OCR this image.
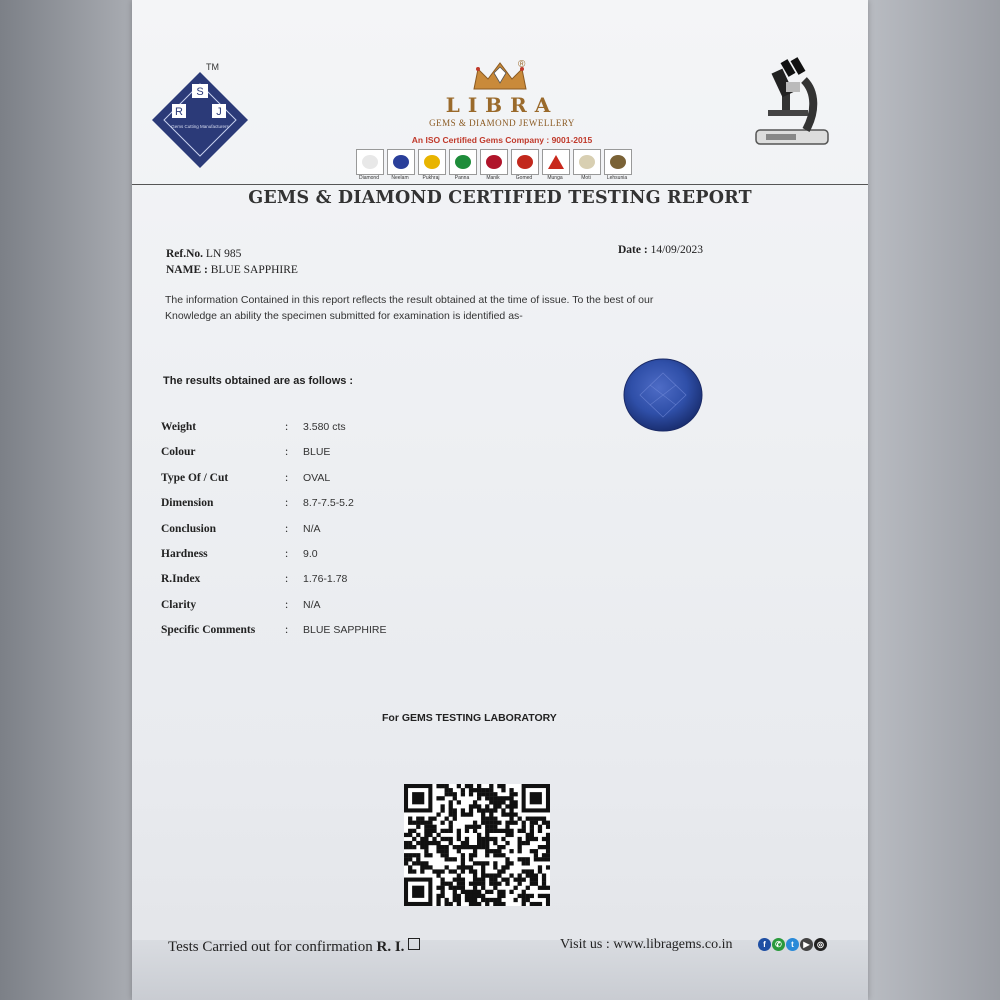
S
R	J
Gems Cutting Manufacturers
TM	®
LIBRA
GEMS & DIAMOND JEWELLERY
An ISO Certified Gems Company : 9001-2015
Diamond	Neelam	Pukhraj	Panna	Manik	Gomed	Munga	Moti	Lehsunia
GEMS & DIAMOND CERTIFIED TESTING REPORT
Ref.No. LN 985
NAME : BLUE SAPPHIRE
Date : 14/09/2023
The information Contained in this report reflects the result obtained at the time of issue. To the best of our
Knowledge an ability the specimen submitted for examination is identified as-
The results obtained are as follows :
Weight	: 3.580 cts
Colour	: BLUE
Type Of / Cut	: OVAL
Dimension	: 8.7-7.5-5.2
Conclusion	: N/A
Hardness	: 9.0
R.Index	: 1.76-1.78
Clarity	: N/A
Specific Comments	: BLUE SAPPHIRE
For GEMS TESTING LABORATORY
Tests Carried out for confirmation R. I.	Visit us : www.libragems.co.in	f	✆	t	▶ ◎
